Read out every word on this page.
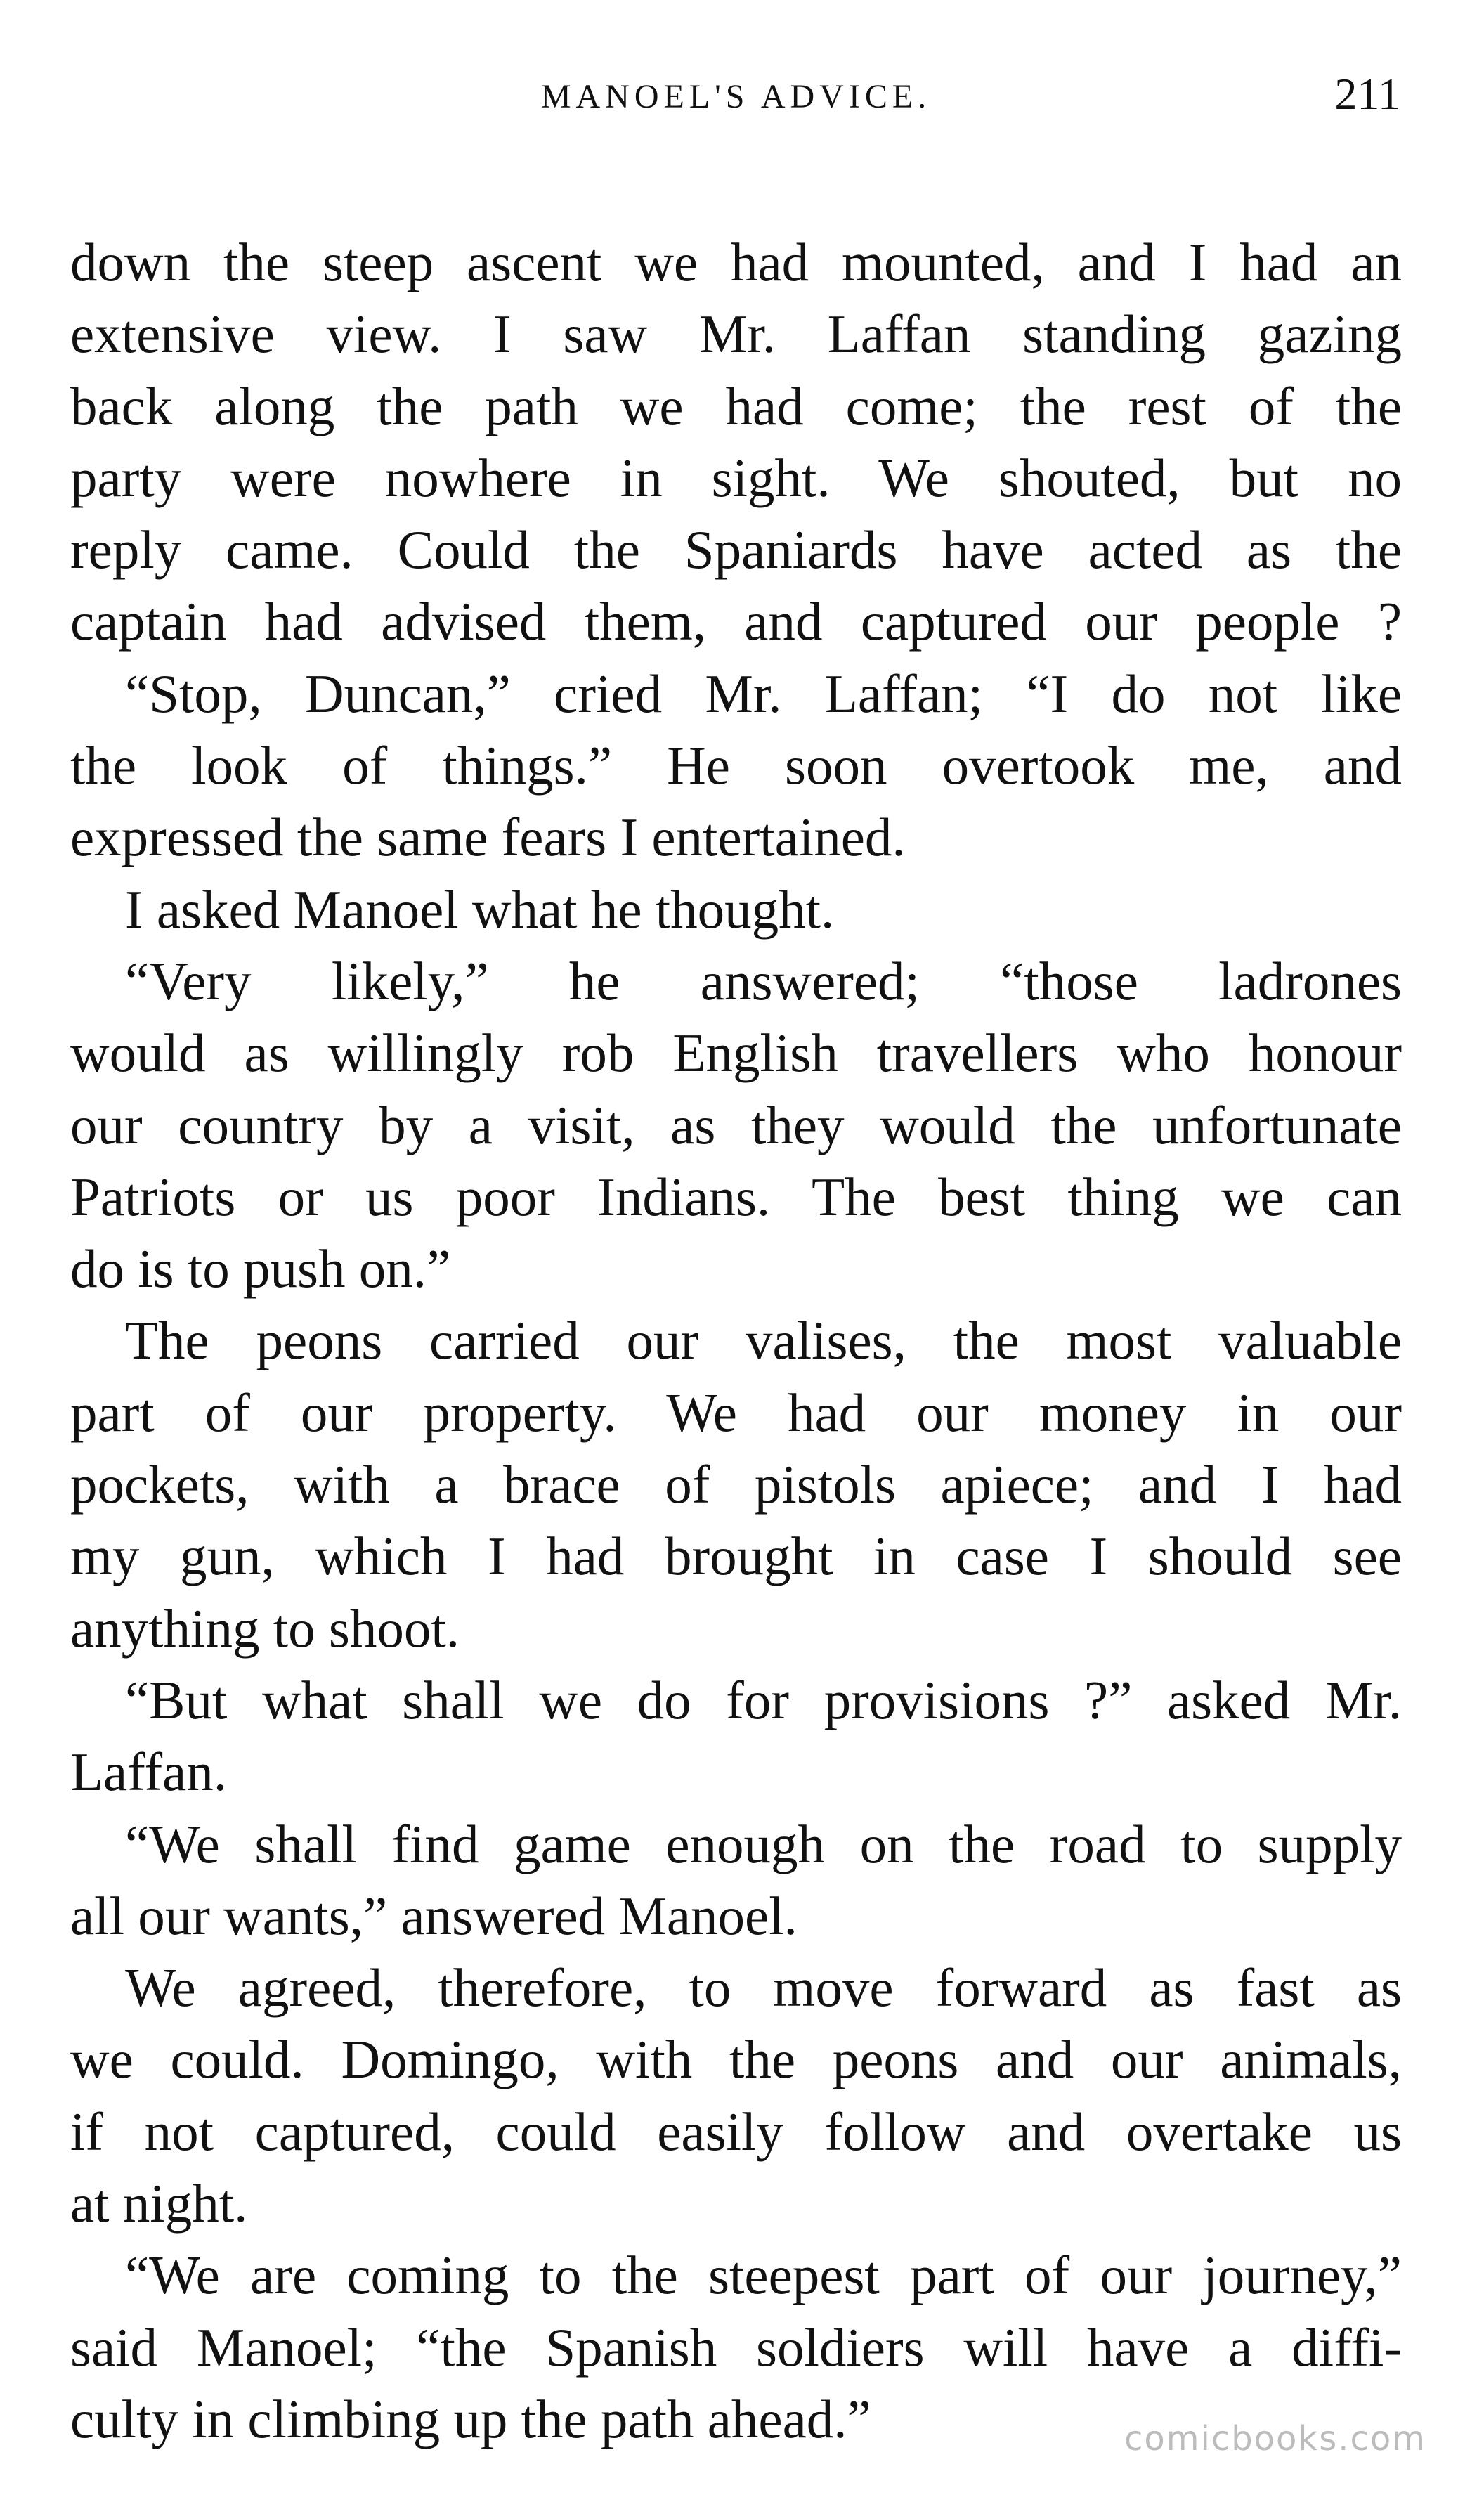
MANOEL'S ADVICE.	211

down the steep ascent we had mounted, and I had an
extensive view. I saw Mr. Laffan standing gazing
back along the path we had come; the rest of the
party were nowhere in sight. We shouted, but no
reply came. Could the Spaniards have acted as the
captain had advised them, and captured our people ?

“Stop, Duncan,” cried Mr. Laffan; “I do not like
the look of things.” He soon overtook me, and
expressed the same fears I entertained.

I asked Manoel what he thought.

“Very likely,” he answered; “those ladrones
would as willingly rob English travellers who honour
our country by a visit, as they would the unfortunate
Patriots or us poor Indians. The best thing we can
do is to push on.”

The peons carried our valises, the most valuable
part of our property. We had our money in our
pockets, with a brace of pistols apiece; and I had
my gun, which I had brought in case I should see
anything to shoot.

“But what shall we do for provisions ?” asked Mr.
Laffan.

“We shall find game enough on the road to supply
all our wants,” answered Manoel.

We agreed, therefore, to move forward as fast as
we could. Domingo, with the peons and our animals,
if not captured, could easily follow and overtake us
at night.

“We are coming to the steepest part of our journey,”
said Manoel; “the Spanish soldiers will have a diffi-
culty in climbing up the path ahead.”	comicbooks.com
